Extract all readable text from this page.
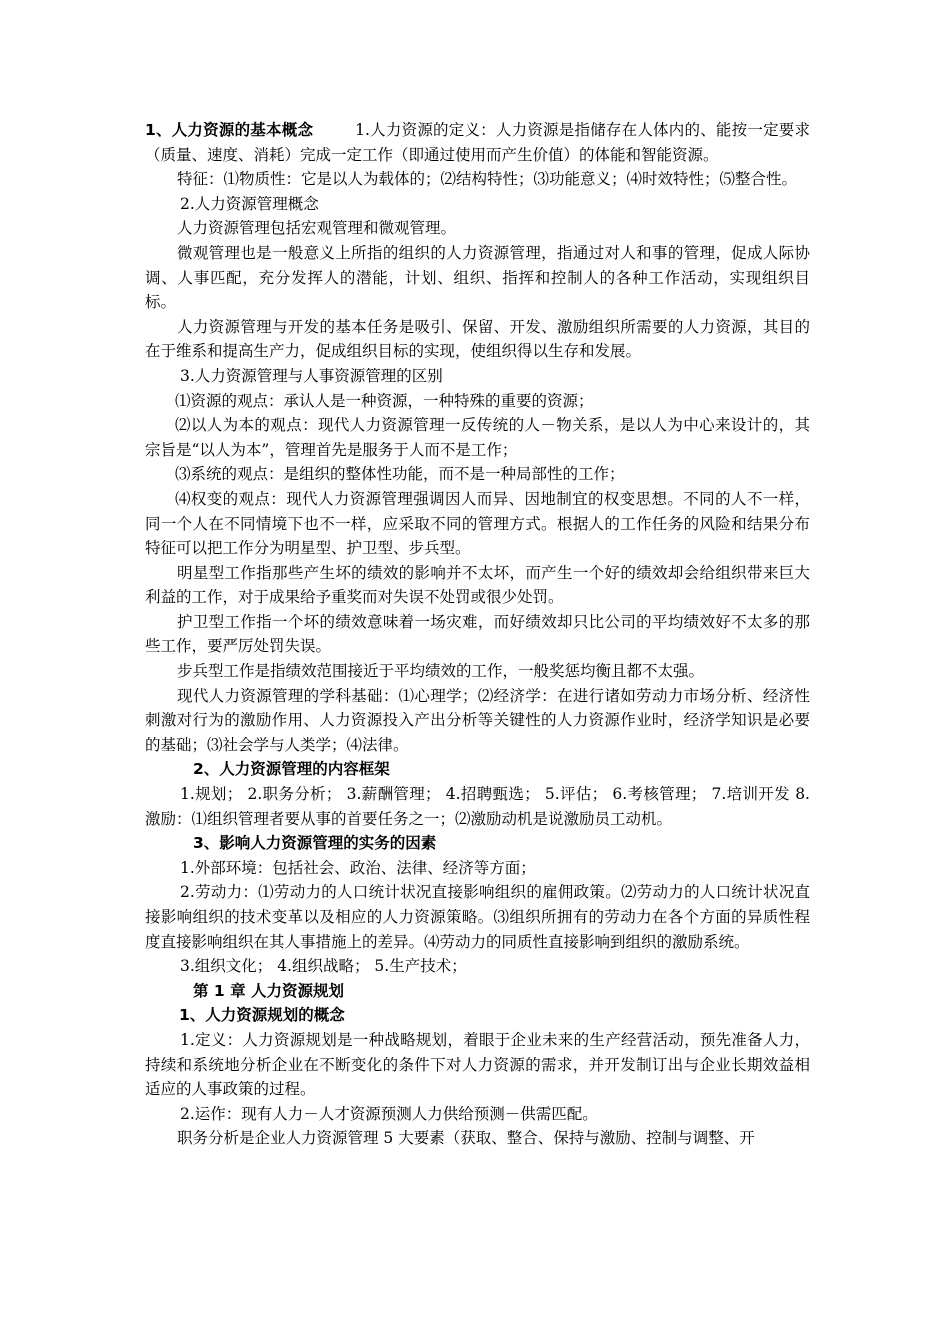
1、人力资源的基本概念	1.人力资源的定义：人力资源是指储存在人体内的、能按一定要求（质量、速度、消耗）完成一定工作（即通过使用而产生价值）的体能和智能资源。

特征：⑴物质性：它是以人为载体的；⑵结构特性；⑶功能意义；⑷时效特性；⑸整合性。

2.人力资源管理概念

人力资源管理包括宏观管理和微观管理。

微观管理也是一般意义上所指的组织的人力资源管理，指通过对人和事的管理，促成人际协调、人事匹配，充分发挥人的潜能，计划、组织、指挥和控制人的各种工作活动，实现组织目标。

人力资源管理与开发的基本任务是吸引、保留、开发、激励组织所需要的人力资源，其目的在于维系和提高生产力，促成组织目标的实现，使组织得以生存和发展。

3.人力资源管理与人事资源管理的区别

⑴资源的观点：承认人是一种资源，一种特殊的重要的资源；

⑵以人为本的观点：现代人力资源管理一反传统的人－物关系，是以人为中心来设计的，其宗旨是“以人为本”，管理首先是服务于人而不是工作；

⑶系统的观点：是组织的整体性功能，而不是一种局部性的工作；

⑷权变的观点：现代人力资源管理强调因人而异、因地制宜的权变思想。不同的人不一样，同一个人在不同情境下也不一样，应采取不同的管理方式。根据人的工作任务的风险和结果分布特征可以把工作分为明星型、护卫型、步兵型。

明星型工作指那些产生坏的绩效的影响并不太坏，而产生一个好的绩效却会给组织带来巨大利益的工作，对于成果给予重奖而对失误不处罚或很少处罚。

护卫型工作指一个坏的绩效意味着一场灾难，而好绩效却只比公司的平均绩效好不太多的那些工作，要严厉处罚失误。

步兵型工作是指绩效范围接近于平均绩效的工作，一般奖惩均衡且都不太强。

现代人力资源管理的学科基础：⑴心理学；⑵经济学：在进行诸如劳动力市场分析、经济性刺激对行为的激励作用、人力资源投入产出分析等关键性的人力资源作业时，经济学知识是必要的基础；⑶社会学与人类学；⑷法律。

2、人力资源管理的内容框架

1.规划； 2.职务分析； 3.薪酬管理； 4.招聘甄选； 5.评估； 6.考核管理； 7.培训开发 8.激励：⑴组织管理者要从事的首要任务之一；⑵激励动机是说激励员工动机。

3、影响人力资源管理的实务的因素

1.外部环境：包括社会、政治、法律、经济等方面；

2.劳动力：⑴劳动力的人口统计状况直接影响组织的雇佣政策。⑵劳动力的人口统计状况直接影响组织的技术变革以及相应的人力资源策略。⑶组织所拥有的劳动力在各个方面的异质性程度直接影响组织在其人事措施上的差异。⑷劳动力的同质性直接影响到组织的激励系统。

3.组织文化； 4.组织战略； 5.生产技术；

第 1 章 人力资源规划

1、人力资源规划的概念

1.定义：人力资源规划是一种战略规划，着眼于企业未来的生产经营活动，预先准备人力，持续和系统地分析企业在不断变化的条件下对人力资源的需求，并开发制订出与企业长期效益相适应的人事政策的过程。

2.运作：现有人力－人才资源预测人力供给预测－供需匹配。

职务分析是企业人力资源管理 5 大要素（获取、整合、保持与激励、控制与调整、开
